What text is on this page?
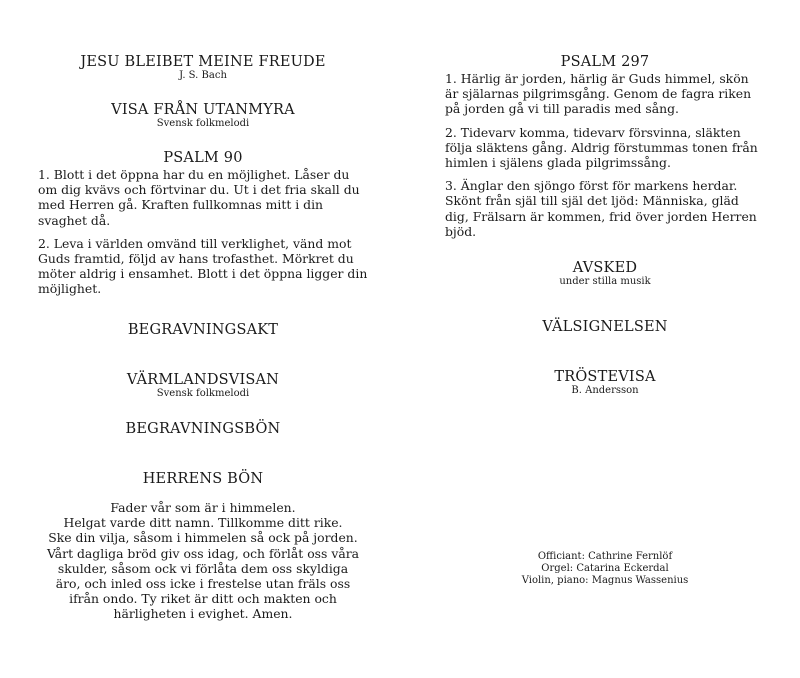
JESU BLEIBET MEINE FREUDE
J. S. Bach
VISA FRÅN UTANMYRA
Svensk folkmelodi
PSALM 90

1. Blott i det öppna har du en möjlighet. Låser du om dig kvävs och förtvinar du. Ut i det fria skall du med Herren gå. Kraften fullkomnas mitt i din svaghet då.

2. Leva i världen omvänd till verklighet, vänd mot Guds framtid, följd av hans trofasthet. Mörkret du möter aldrig i ensamhet. Blott i det öppna ligger din möjlighet.

BEGRAVNINGSAKT
VÄRMLANDSVISAN
Svensk folkmelodi
BEGRAVNINGSBÖN
HERRENS BÖN

Fader vår som är i himmelen.

Helgat varde ditt namn. Tillkomme ditt rike.

Ske din vilja, såsom i himmelen så ock på jorden.

Vårt dagliga bröd giv oss idag, och förlåt oss våra

skulder, såsom ock vi förlåta dem oss skyldiga

äro, och inled oss icke i frestelse utan fräls oss

ifrån ondo. Ty riket är ditt och makten och

härligheten i evighet. Amen.

PSALM 297

1. Härlig är jorden, härlig är Guds himmel, skön är själarnas pilgrimsgång. Genom de fagra riken på jorden gå vi till paradis med sång.

2. Tidevarv komma, tidevarv försvinna, släkten följa släktens gång. Aldrig förstummas tonen från himlen i själens glada pilgrimssång.

3. Änglar den sjöngo först för markens herdar. Skönt från själ till själ det ljöd: Människa, gläd dig, Frälsarn är kommen, frid över jorden Herren bjöd.

AVSKED
under stilla musik
VÄLSIGNELSEN
TRÖSTEVISA
B. Andersson
Officiant: Cathrine Fernlöf
Orgel: Catarina Eckerdal
Violin, piano: Magnus Wassenius
